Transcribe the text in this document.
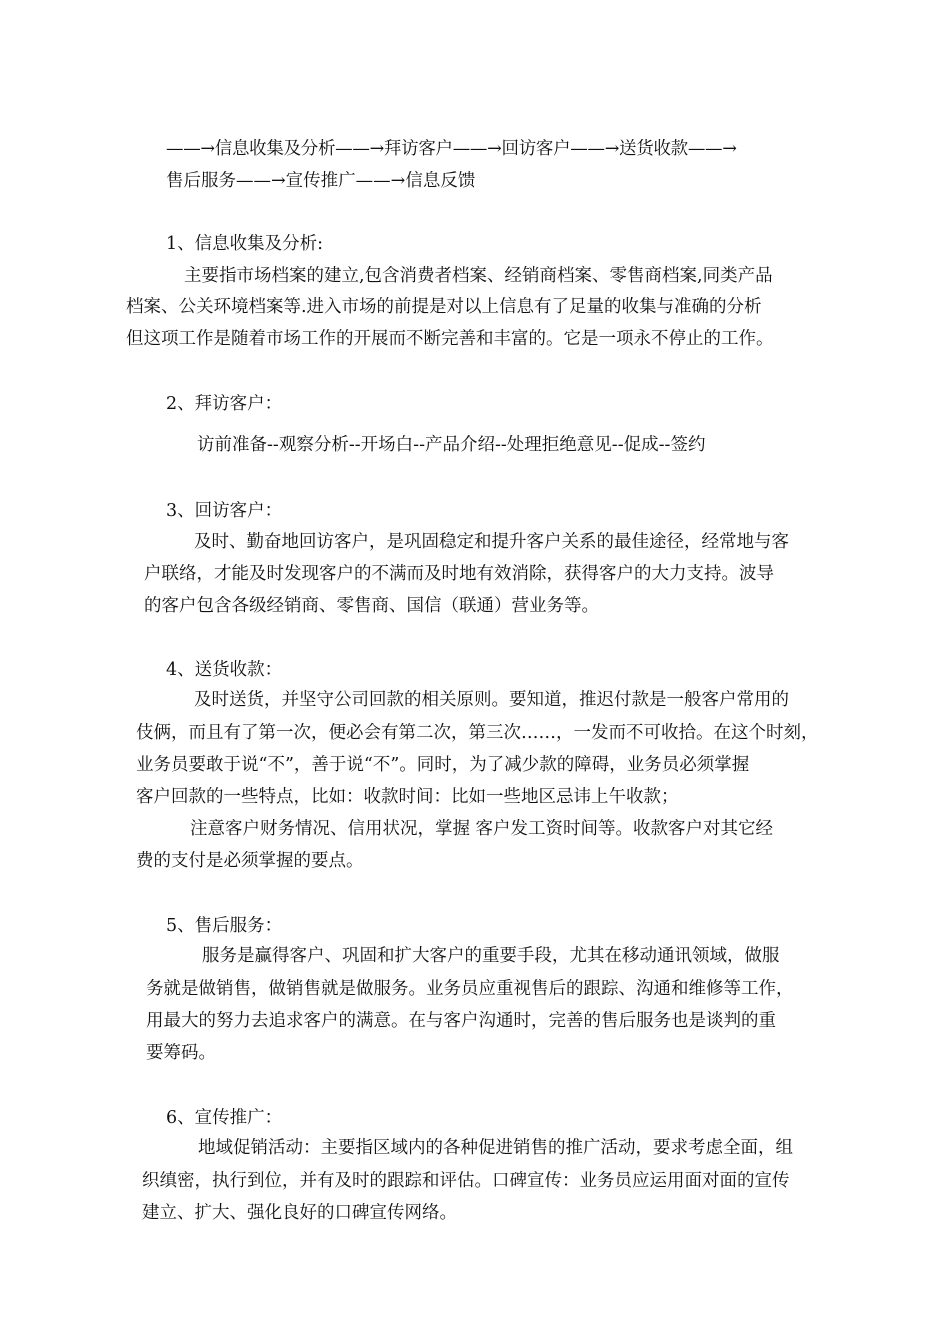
——→信息收集及分析——→拜访客户——→回访客户——→送货收款——→
售后服务——→宣传推广——→信息反馈
1、信息收集及分析:
主要指市场档案的建立,包含消费者档案、经销商档案、零售商档案,同类产品
档案、公关环境档案等.进入市场的前提是对以上信息有了足量的收集与准确的分析
但这项工作是随着市场工作的开展而不断完善和丰富的。它是一项永不停止的工作。
2、拜访客户：
访前准备--观察分析--开场白--产品介绍--处理拒绝意见--促成--签约
3、回访客户：
及时、勤奋地回访客户，是巩固稳定和提升客户关系的最佳途径，经常地与客
户联络，才能及时发现客户的不满而及时地有效消除，获得客户的大力支持。波导
的客户包含各级经销商、零售商、国信（联通）营业务等。
4、送货收款：
及时送货，并坚守公司回款的相关原则。要知道，推迟付款是一般客户常用的
伎俩，而且有了第一次，便必会有第二次，第三次……，一发而不可收拾。在这个时刻，
业务员要敢于说“不”，善于说“不”。同时，为了减少款的障碍，业务员必须掌握
客户回款的一些特点，比如：收款时间：比如一些地区忌讳上午收款；
注意客户财务情况、信用状况，掌握 客户发工资时间等。收款客户对其它经
费的支付是必须掌握的要点。
5、售后服务：
服务是赢得客户、巩固和扩大客户的重要手段，尤其在移动通讯领域，做服
务就是做销售，做销售就是做服务。业务员应重视售后的跟踪、沟通和维修等工作，
用最大的努力去追求客户的满意。在与客户沟通时，完善的售后服务也是谈判的重
要筹码。
6、宣传推广：
地域促销活动：主要指区域内的各种促进销售的推广活动，要求考虑全面，组
织缜密，执行到位，并有及时的跟踪和评估。口碑宣传：业务员应运用面对面的宣传
建立、扩大、强化良好的口碑宣传网络。
